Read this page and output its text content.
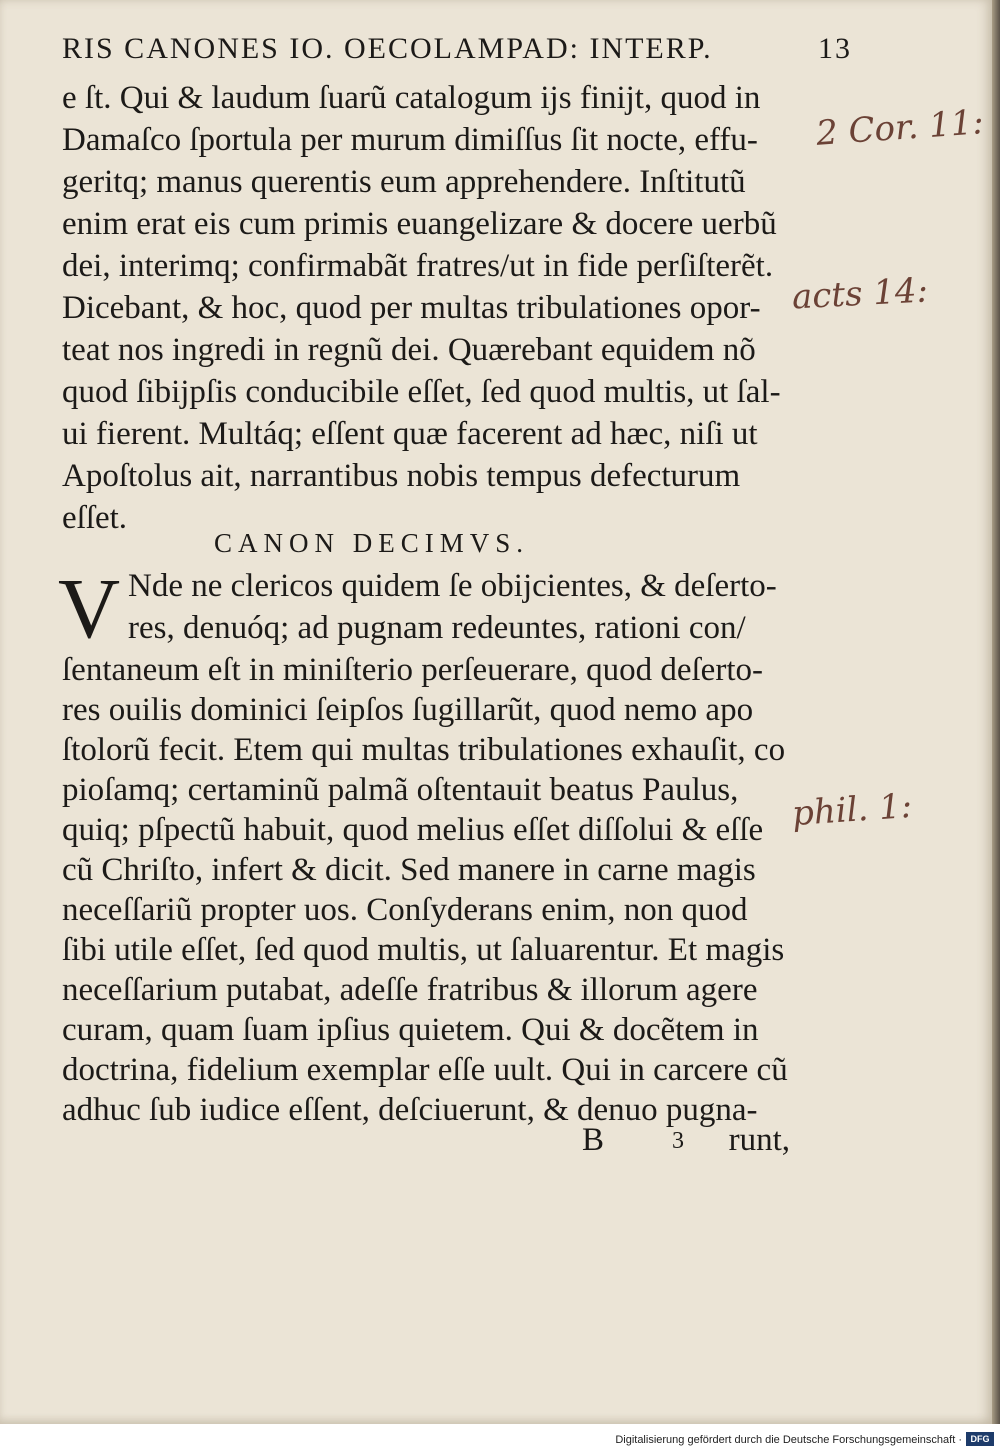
RIS CANONES IO. OECOLAMPAD: INTERP.	13
e ſt. Qui & laudum ſuarũ catalogum ijs finijt, quod in
Damaſco ſportula per murum dimiſſus ſit nocte, effu-
geritq; manus querentis eum apprehendere. Inſtitutũ
enim erat eis cum primis euangelizare & docere uerbũ
dei, interimq; confirmabãt fratres/ut in fide perſiſterẽt.
Dicebant, & hoc, quod per multas tribulationes opor-
teat nos ingredi in regnũ dei. Quærebant equidem nõ
quod ſibijpſis conducibile eſſet, ſed quod multis, ut ſal-
ui fierent. Multáq; eſſent quæ facerent ad hæc, niſi ut
Apoſtolus ait, narrantibus nobis tempus defecturum
eſſet.
CANON DECIMVS.
V Nde ne clericos quidem ſe obijcientes, & deſerto-
res, denuóq; ad pugnam redeuntes, rationi con/
ſentaneum eſt in miniſterio perſeuerare, quod deſerto-
res ouilis dominici ſeipſos ſugillarũt, quod nemo apo
ſtolorũ fecit. Etem qui multas tribulationes exhauſit, co
pioſamq; certaminũ palmã oſtentauit beatus Paulus,
quiq; pſpectũ habuit, quod melius eſſet diſſolui & eſſe
cũ Chriſto, infert & dicit. Sed manere in carne magis
neceſſariũ propter uos. Conſyderans enim, non quod
ſibi utile eſſet, ſed quod multis, ut ſaluarentur. Et magis
neceſſarium putabat, adeſſe fratribus & illorum agere
curam, quam ſuam ipſius quietem. Qui & docẽtem in
doctrina, fidelium exemplar eſſe uult. Qui in carcere cũ
adhuc ſub iudice eſſent, deſciuerunt, & denuo pugna-
B	3 runt,
2 Cor. 11:
acts 14:
phil. 1:
Digitalisierung gefördert durch die Deutsche Forschungsgemeinschaft · DFG
